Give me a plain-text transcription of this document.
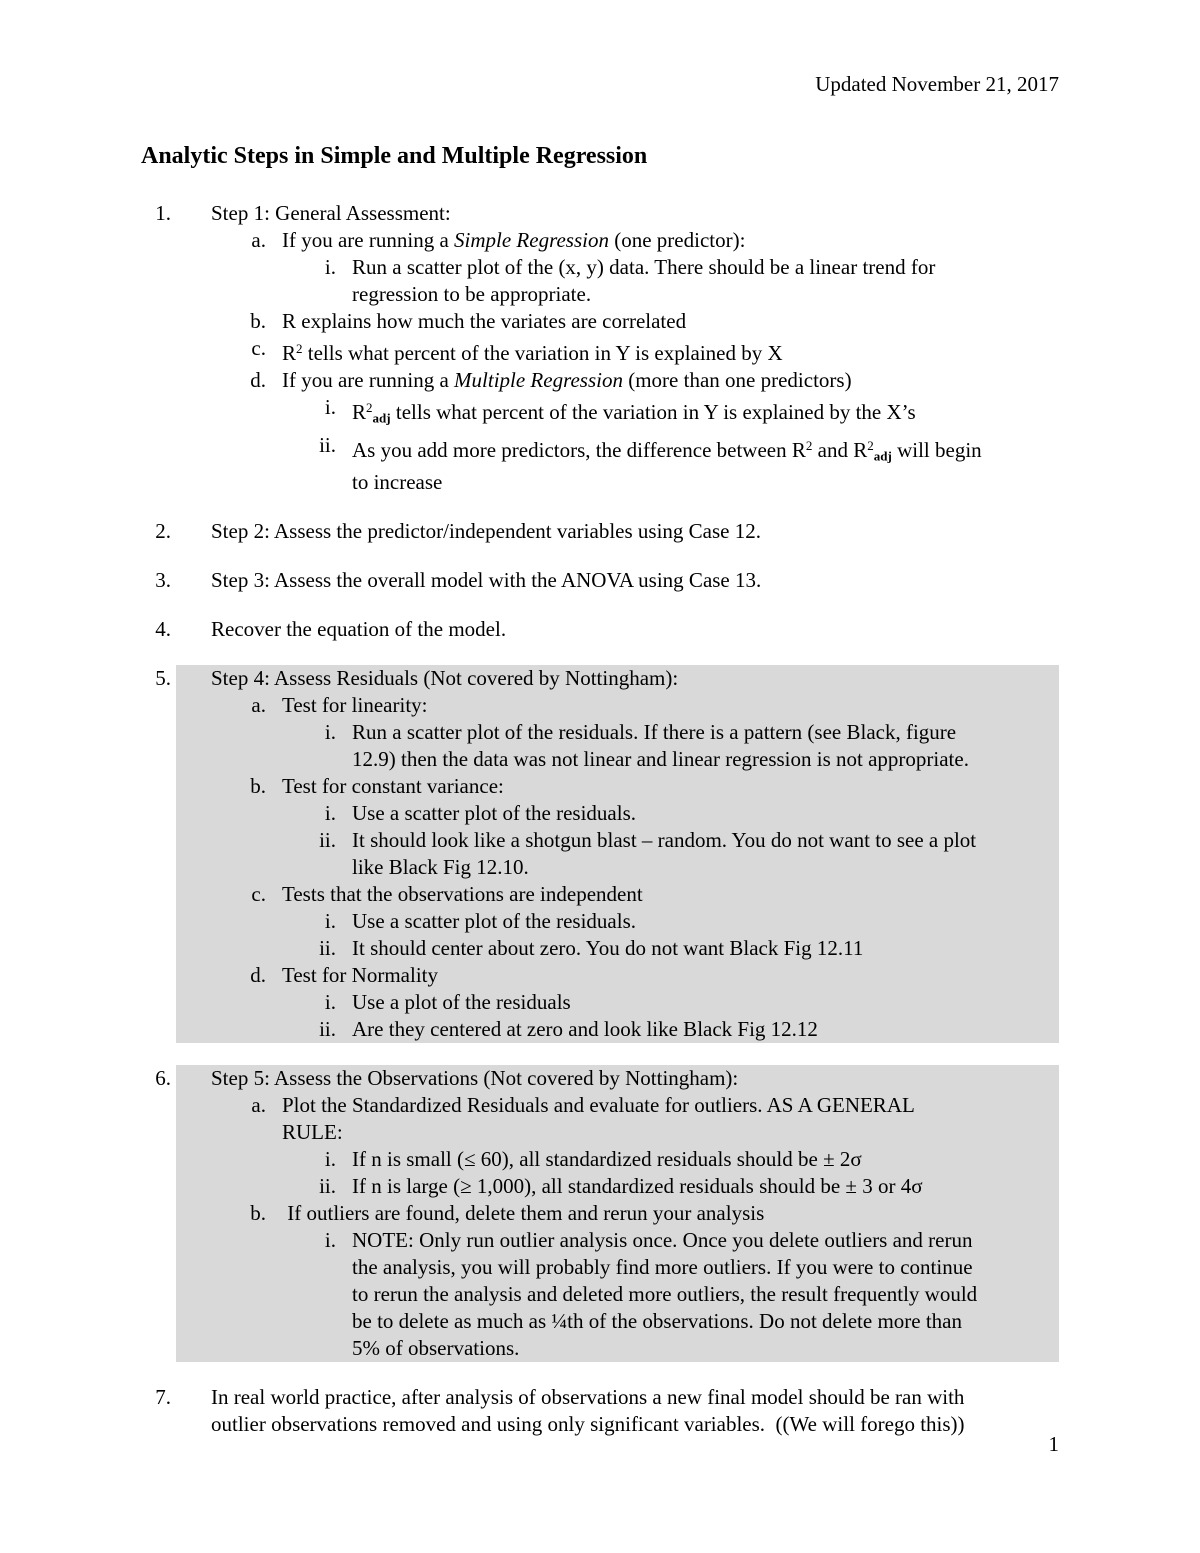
Updated November 21, 2017
Analytic Steps in Simple and Multiple Regression
1. Step 1: General Assessment:
a. If you are running a Simple Regression (one predictor):
i. Run a scatter plot of the (x, y) data. There should be a linear trend for
regression to be appropriate.
b. R explains how much the variates are correlated
c. $R^2$ tells what percent of the variation in Y is explained by X
d. If you are running a Multiple Regression (more than one predictors)
i. $R^2_{adj}$ tells what percent of the variation in Y is explained by the X’s
ii. As you add more predictors, the difference between $R^2$ and $R^2_{adj}$ will begin
to increase
2. Step 2: Assess the predictor/independent variables using Case 12.
3. Step 3: Assess the overall model with the ANOVA using Case 13.
4. Recover the equation of the model.
5. Step 4: Assess Residuals (Not covered by Nottingham):
a. Test for linearity:
i. Run a scatter plot of the residuals. If there is a pattern (see Black, figure
12.9) then the data was not linear and linear regression is not appropriate.
b. Test for constant variance:
i. Use a scatter plot of the residuals.
ii. It should look like a shotgun blast – random. You do not want to see a plot
like Black Fig 12.10.
c. Tests that the observations are independent
i. Use a scatter plot of the residuals.
ii. It should center about zero. You do not want Black Fig 12.11
d. Test for Normality
i. Use a plot of the residuals
ii. Are they centered at zero and look like Black Fig 12.12
6. Step 5: Assess the Observations (Not covered by Nottingham):
a. Plot the Standardized Residuals and evaluate for outliers. AS A GENERAL
RULE:
i. If n is small (≤ 60), all standardized residuals should be ± 2σ
ii. If n is large (≥ 1,000), all standardized residuals should be ± 3 or 4σ
b. If outliers are found, delete them and rerun your analysis
i. NOTE: Only run outlier analysis once. Once you delete outliers and rerun
the analysis, you will probably find more outliers. If you were to continue
to rerun the analysis and deleted more outliers, the result frequently would
be to delete as much as ¼th of the observations. Do not delete more than
5% of observations.
7. In real world practice, after analysis of observations a new final model should be ran with
outlier observations removed and using only significant variables.  ((We will forego this))
1
